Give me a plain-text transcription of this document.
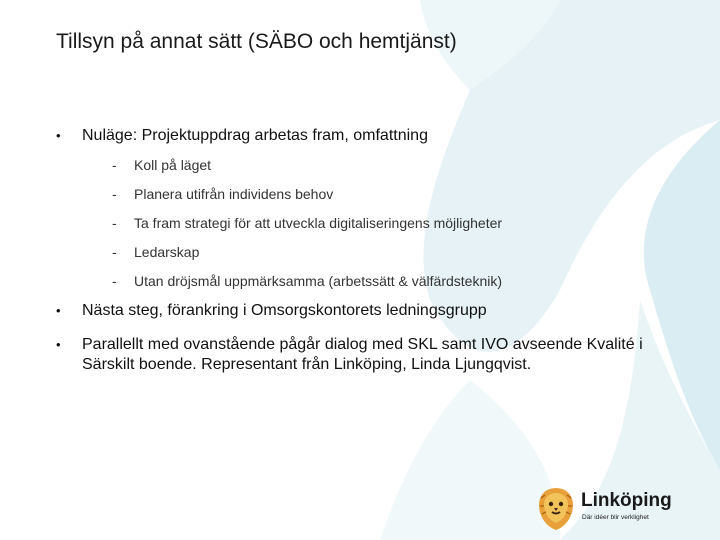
Tillsyn på annat sätt (SÄBO och hemtjänst)
• Nuläge: Projektuppdrag arbetas fram, omfattning
- Koll på läget
- Planera utifrån individens behov
- Ta fram strategi för att utveckla digitaliseringens möjligheter
- Ledarskap
- Utan dröjsmål uppmärksamma (arbetssätt & välfärdsteknik)
• Nästa steg, förankring i Omsorgskontorets ledningsgrupp
• Parallellt med ovanstående pågår dialog med SKL samt IVO avseende Kvalité i Särskilt boende. Representant från Linköping, Linda Ljungqvist.
Linköping
Där idéer blir verklighet
